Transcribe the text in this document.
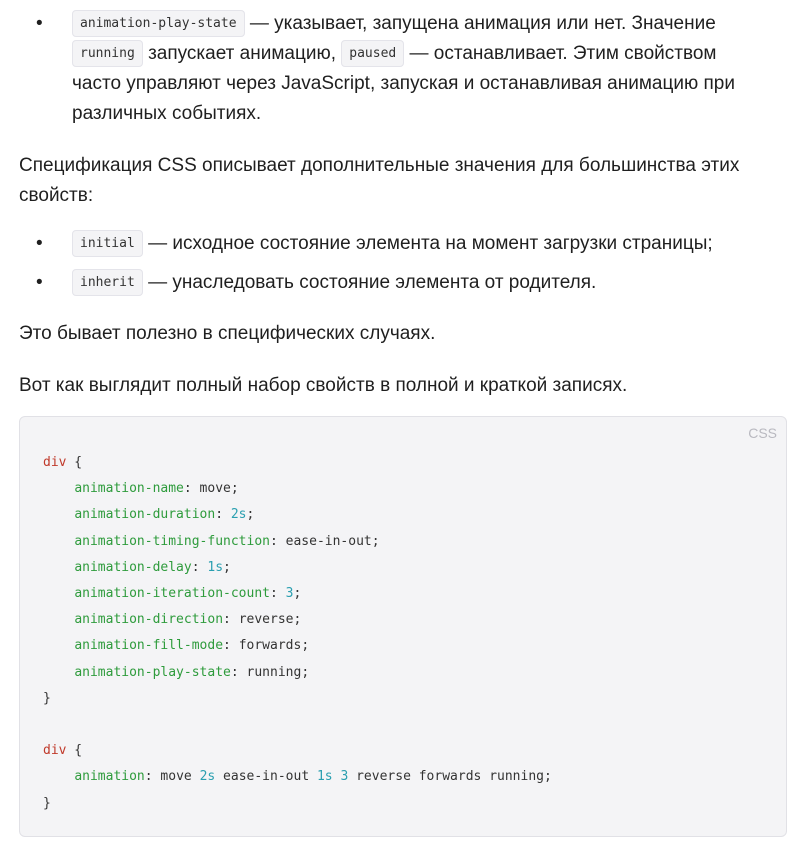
•	animation-play-state — указывает, запущена анимация или нет. Значение
running запускает анимацию, paused — останавливает. Этим свойством
часто управляют через JavaScript, запуская и останавливая анимацию при
различных событиях.

Спецификация CSS описывает дополнительные значения для большинства этих свойств:

•	initial — исходное состояние элемента на момент загрузки страницы;
•	inherit — унаследовать состояние элемента от родителя.

Это бывает полезно в специфических случаях.

Вот как выглядит полный набор свойств в полной и краткой записях.

CSS
div {
animation-name: move;
animation-duration: 2s;
animation-timing-function: ease-in-out;
animation-delay: 1s;
animation-iteration-count: 3;
animation-direction: reverse;
animation-fill-mode: forwards;
animation-play-state: running;
}

div {
animation: move 2s ease-in-out 1s 3 reverse forwards running;
}
